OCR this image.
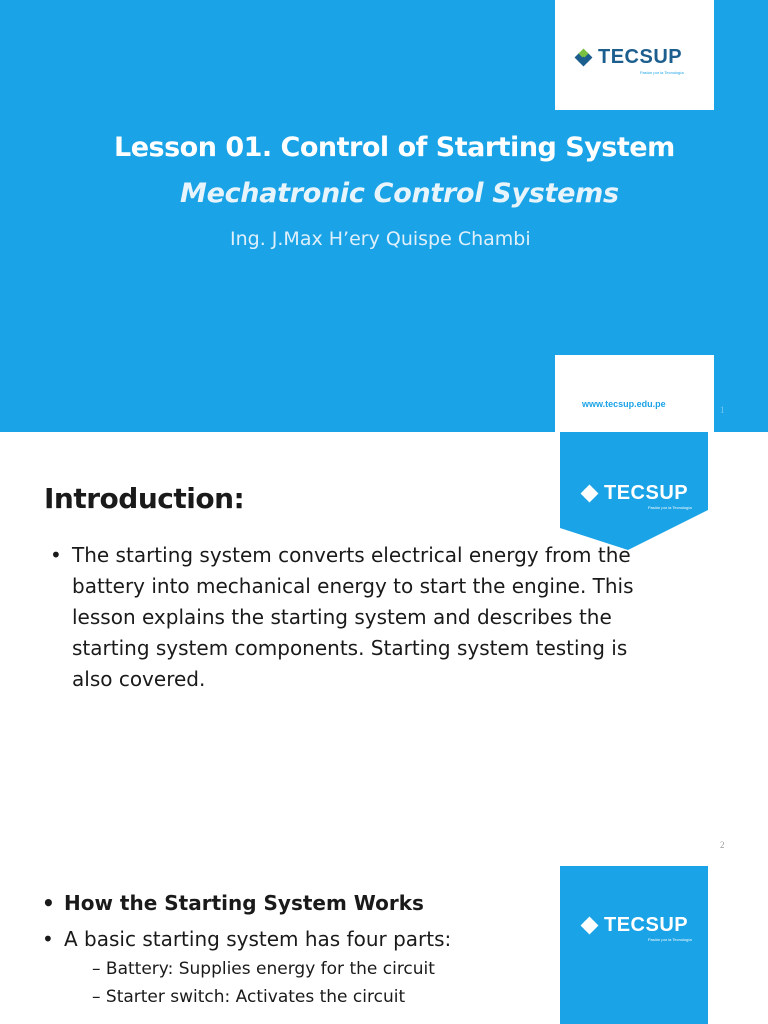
TECSUP
Pasión por la Tecnología
Lesson 01. Control of Starting System
Mechatronic Control Systems
Ing. J.Max H’ery Quispe Chambi
www.tecsup.edu.pe
1
TECSUP
Pasión por la Tecnología
2
Introduction:
• The starting system converts electrical energy from the battery into mechanical energy to start the engine. This lesson explains the starting system and describes the starting system components. Starting system testing is also covered.
TECSUP
Pasión por la Tecnología
• How the Starting System Works
• A basic starting system has four parts:
– Battery: Supplies energy for the circuit
– Starter switch: Activates the circuit
